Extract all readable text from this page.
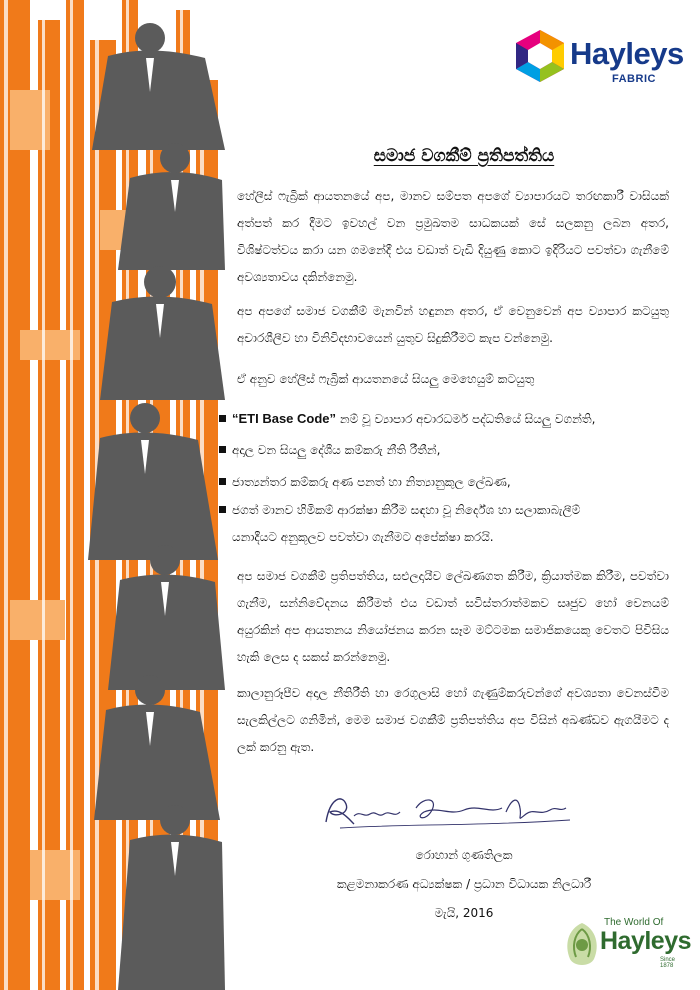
Hayleys
FABRIC
සමාජ වගකීම් ප්‍රතිපත්තිය

හේලීස් ෆැබ්‍රික් ආයතනයේ අප, මානව සම්පත අපගේ ව්‍යාපාරයට තරඟකාරී වාසියක් අත්පත් කර දීමට ඉවහල් වන ප්‍රමුඛතම සාධකයක් සේ සලකනු ලබන අතර, විශිෂ්ටත්වය කරා යන ගමනේදී එය වඩාත් වැඩි දියුණු කොට ඉදිරියට පවත්වා ගැනීමේ අවශ්‍යතාවය දකින්නෙමු.

අප අපගේ සමාජ වගකීම් මැනවින් හඳුනන අතර, ඒ වෙනුවෙන් අප ව්‍යාපාර කටයුතු අචාරශීලීව හා විනිවිදභාවයෙන් යුතුව සිදුකිරීමට කැප වන්නෙමු.

ඒ අනුව හේලීස් ෆැබ්‍රික් ආයතනයේ සියලු මෙහෙයුම් කටයුතු

“ETI Base Code” නම් වූ ව්‍යාපාර අචාරධර්ම පද්ධතියේ සියලු වගන්ති,
අදාල වන සියලු දේශීය කම්කරු නීති රීතීන්,
ජාත්‍යන්තර කම්කරු අණ පනත් හා නිත්‍යානුකුල ලේඛණ,
ජගත් මානව හිමිකම් ආරක්ෂා කිරීම සඳහා වූ නිර්දේශ හා සලාකාබැලීම්
යනාදීයට අනුකූලව පවත්වා ගැනීමට අපේක්ෂා කරයි.

අප සමාජ වගකීම් ප්‍රතිපත්තිය, සළුලදායීව ලේඛණගත කිරීම, ක්‍රියාත්මක කිරීම, පවත්වා ගැනීම, සන්නිවේදනය කිරීමත් එය වඩාත් සවිස්තරාත්මකව සෘජුව හෝ වෙනයම් අයුරකින් අප ආයතනය නියෝජනය කරන සෑම මට්ටමක සමාජිකයෙකු වෙතට පිවිසිය හැකි ලෙස ද සකස් කරන්නෙමු.

කාලානුරූපීව අදාල නීතිරීති හා රෙගුලාසි හෝ ගැණුම්කරුවන්ගේ අවශ්‍යතා වෙනස්වීම සැලකිල්ලට ගනිමින්, මෙම සමාජ වගකීම් ප්‍රතිපත්තිය අප විසින් අඛණ්ඩව ඇගයීමට ද ලක් කරනු ඇත.

රොහාන් ගුණතිලක
කළමනාකරණ අධ්‍යක්ෂක / ප්‍රධාන විධායක නිලධාරී
මැයි, 2016
The World Of
Hayleys
Since 1878
